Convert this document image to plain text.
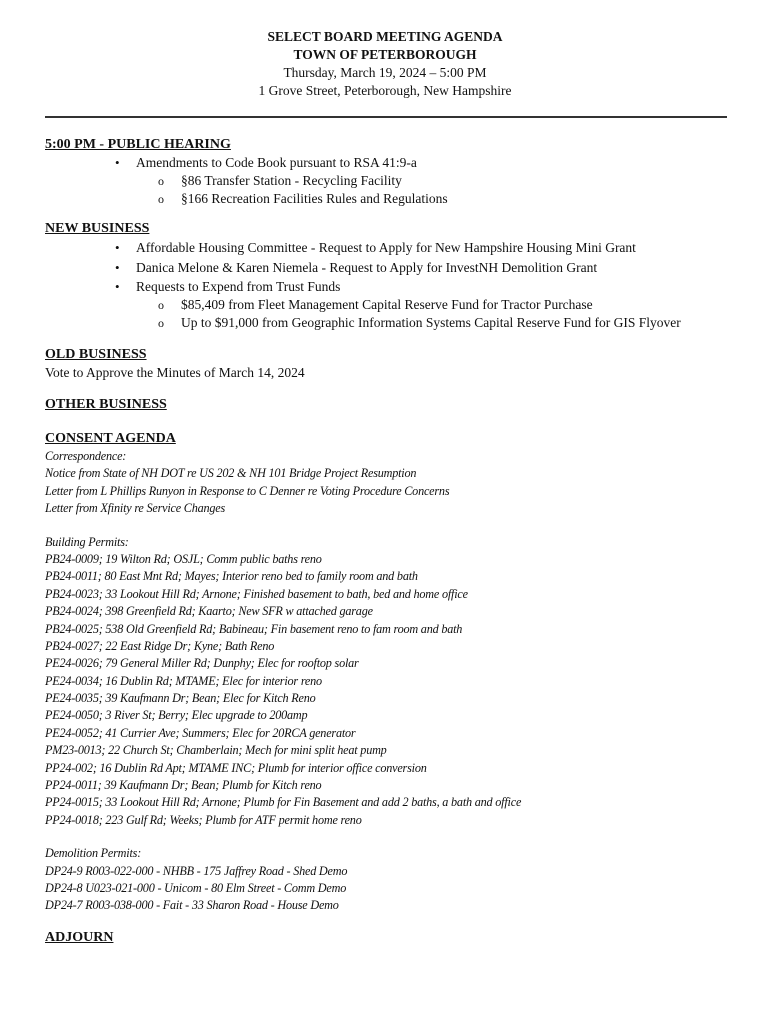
SELECT BOARD MEETING AGENDA
TOWN OF PETERBOROUGH
Thursday, March 19, 2024 – 5:00 PM
1 Grove Street, Peterborough, New Hampshire
5:00 PM - PUBLIC HEARING
• Amendments to Code Book pursuant to RSA 41:9-a
o §86 Transfer Station - Recycling Facility
o §166 Recreation Facilities Rules and Regulations
NEW BUSINESS
• Affordable Housing Committee - Request to Apply for New Hampshire Housing Mini Grant
• Danica Melone & Karen Niemela - Request to Apply for InvestNH Demolition Grant
• Requests to Expend from Trust Funds
o $85,409 from Fleet Management Capital Reserve Fund for Tractor Purchase
o Up to $91,000 from Geographic Information Systems Capital Reserve Fund for GIS Flyover
OLD BUSINESS
Vote to Approve the Minutes of March 14, 2024
OTHER BUSINESS
CONSENT AGENDA
Correspondence:
Notice from State of NH DOT re US 202 & NH 101 Bridge Project Resumption
Letter from L Phillips Runyon in Response to C Denner re Voting Procedure Concerns
Letter from Xfinity re Service Changes
Building Permits:
PB24-0009; 19 Wilton Rd; OSJL; Comm public baths reno
PB24-0011; 80 East Mnt Rd; Mayes; Interior reno bed to family room and bath
PB24-0023; 33 Lookout Hill Rd; Arnone; Finished basement to bath, bed and home office
PB24-0024; 398 Greenfield Rd; Kaarto; New SFR w attached garage
PB24-0025; 538 Old Greenfield Rd; Babineau; Fin basement reno to fam room and bath
PB24-0027; 22 East Ridge Dr; Kyne; Bath Reno
PE24-0026; 79 General Miller Rd; Dunphy; Elec for rooftop solar
PE24-0034; 16 Dublin Rd; MTAME; Elec for interior reno
PE24-0035; 39 Kaufmann Dr; Bean; Elec for Kitch Reno
PE24-0050; 3 River St; Berry; Elec upgrade to 200amp
PE24-0052; 41 Currier Ave; Summers; Elec for 20RCA generator
PM23-0013; 22 Church St; Chamberlain; Mech for mini split heat pump
PP24-002; 16 Dublin Rd Apt; MTAME INC; Plumb for interior office conversion
PP24-0011; 39 Kaufmann Dr; Bean; Plumb for Kitch reno
PP24-0015; 33 Lookout Hill Rd; Arnone; Plumb for Fin Basement and add 2 baths, a bath and office
PP24-0018; 223 Gulf Rd; Weeks; Plumb for ATF permit home reno
Demolition Permits:
DP24-9 R003-022-000 - NHBB - 175 Jaffrey Road - Shed Demo
DP24-8 U023-021-000 - Unicom - 80 Elm Street - Comm Demo
DP24-7 R003-038-000 - Fait - 33 Sharon Road - House Demo
ADJOURN
